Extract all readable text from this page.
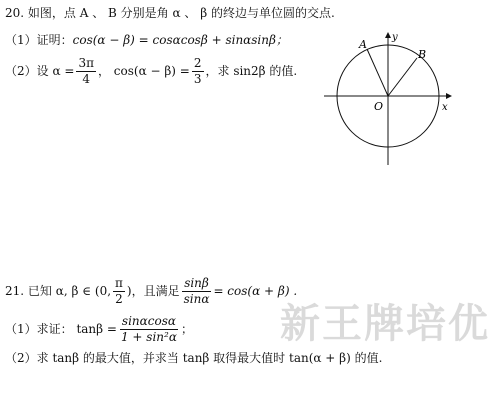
20. 如图，点 A 、 B 分别是角 α 、 β 的终边与单位圆的交点.
（1）证明： cos(α − β) = cosαcosβ + sinαsinβ；
（2）设 $\alpha = \frac{3\pi}{4}$ ， $\cos(\alpha - \beta) = \frac{2}{3}$ ，求 sin2β 的值.
y
x
O
A
B
21. 已知 α, β ∈ (0, $\frac{\pi}{2}$ )，且满足 $\frac{\sin\beta}{\sin\alpha} = \cos(\alpha + \beta)$ .
（1）求证： $\tan\beta = \frac{\sin\alpha\cos\alpha}{\text{1 + sin²α}}$ ；
（2）求 tanβ 的最大值，并求当 tanβ 取得最大值时 tan(α + β) 的值.
新王牌培优
